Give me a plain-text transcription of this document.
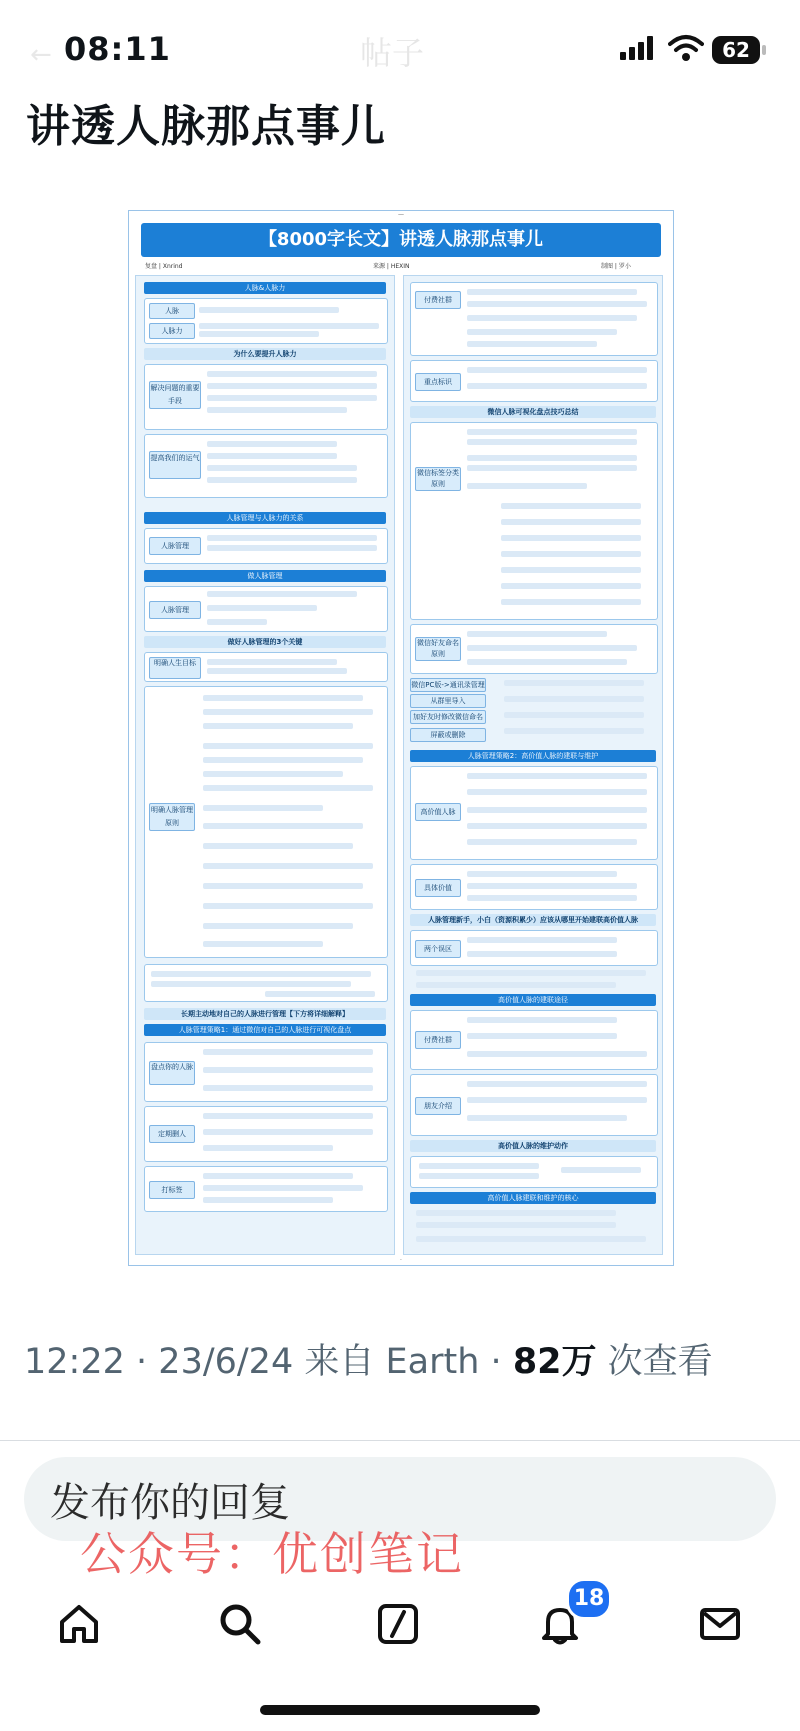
← 08:11	帖子	62
讲透人脉那点事儿
—
【8000字长文】讲透人脉那点事儿
复盘 | Xnrind	来源 | HEXIN	制图 | 罗小
人脉&人脉力
人脉
人脉力
为什么要提升人脉力
解决问题的重要手段
提高我们的运气
人脉管理与人脉力的关系
人脉管理
做人脉管理
人脉管理
做好人脉管理的3个关键
明确人生目标
明确人脉管理原则
长期主动地对自己的人脉进行管理【下方将详细解释】
人脉管理策略1：通过微信对自己的人脉进行可视化盘点
盘点你的人脉
定期删人
打标签
付费社群
重点标识
微信人脉可视化盘点技巧总结
微信标签分类原则
微信好友命名原则
微信PC版->通讯录管理
从群里导入
加好友时修改微信命名
屏蔽或删除
人脉管理策略2：高价值人脉的建联与维护
高价值人脉
具体价值
人脉管理新手，小白（资源积累少）应该从哪里开始建联高价值人脉
两个误区
高价值人脉的建联途径
付费社群
朋友介绍
高价值人脉的维护动作
高价值人脉建联和维护的核心
·

12:22 · 23/6/24 来自 Earth · 82万 次查看

发布你的回复
公众号：优创笔记
18
